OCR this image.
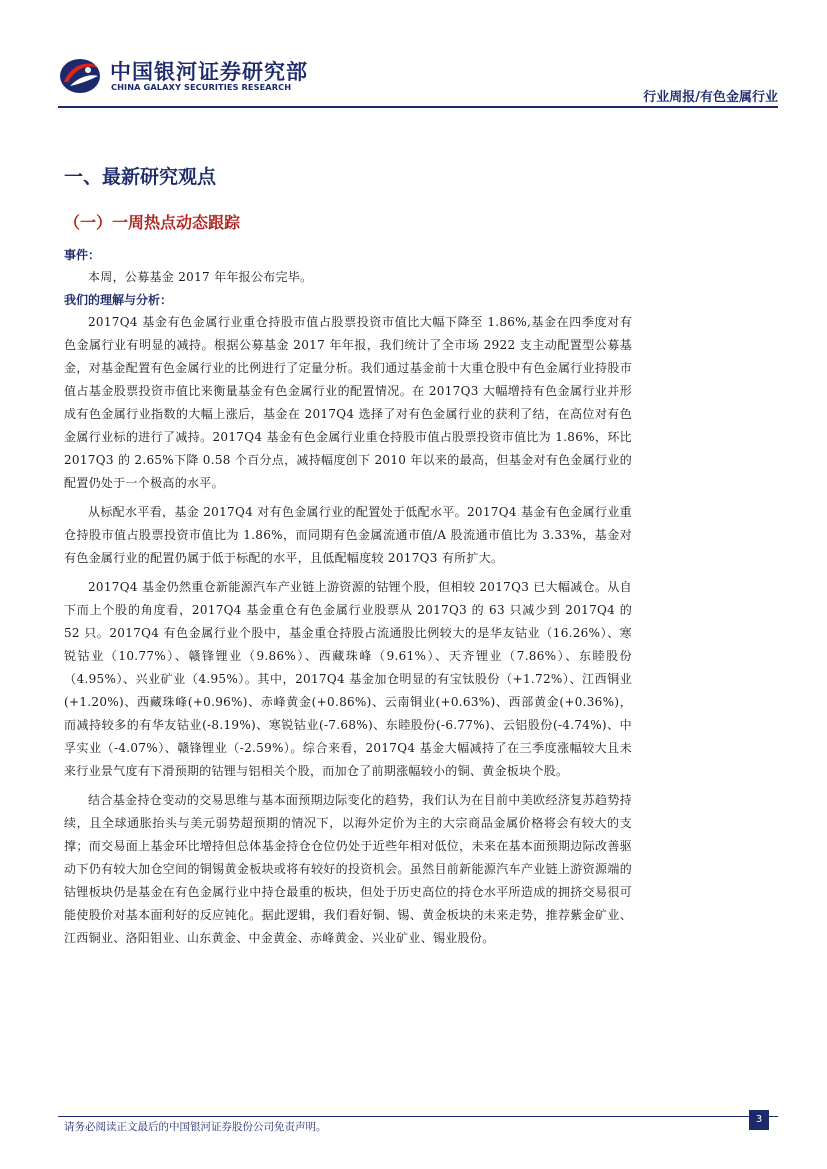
中国银河证券研究部
CHINA GALAXY SECURITIES RESEARCH
行业周报/有色金属行业
一、最新研究观点
（一）一周热点动态跟踪

事件：

本周，公募基金 2017 年年报公布完毕。

我们的理解与分析：

2017Q4 基金有色金属行业重仓持股市值占股票投资市值比大幅下降至 1.86%,基金在四季度对有色金属行业有明显的减持。根据公募基金 2017 年年报，我们统计了全市场 2922 支主动配置型公募基金，对基金配置有色金属行业的比例进行了定量分析。我们通过基金前十大重仓股中有色金属行业持股市值占基金股票投资市值比来衡量基金有色金属行业的配置情况。在 2017Q3 大幅增持有色金属行业并形成有色金属行业指数的大幅上涨后，基金在 2017Q4 选择了对有色金属行业的获利了结，在高位对有色金属行业标的进行了减持。2017Q4 基金有色金属行业重仓持股市值占股票投资市值比为 1.86%，环比 2017Q3 的 2.65%下降 0.58 个百分点，减持幅度创下 2010 年以来的最高，但基金对有色金属行业的配置仍处于一个极高的水平。

从标配水平看，基金 2017Q4 对有色金属行业的配置处于低配水平。2017Q4 基金有色金属行业重仓持股市值占股票投资市值比为 1.86%，而同期有色金属流通市值/A 股流通市值比为 3.33%，基金对有色金属行业的配置仍属于低于标配的水平，且低配幅度较 2017Q3 有所扩大。

2017Q4 基金仍然重仓新能源汽车产业链上游资源的钴锂个股，但相较 2017Q3 已大幅减仓。从自下而上个股的角度看，2017Q4 基金重仓有色金属行业股票从 2017Q3 的 63 只减少到 2017Q4 的 52 只。2017Q4 有色金属行业个股中，基金重仓持股占流通股比例较大的是华友钴业（16.26%）、寒锐钴业（10.77%）、赣锋锂业（9.86%）、西藏珠峰（9.61%）、天齐锂业（7.86%）、东睦股份（4.95%）、兴业矿业（4.95%）。其中，2017Q4 基金加仓明显的有宝钛股份（+1.72%）、江西铜业(+1.20%)、西藏珠峰(+0.96%)、赤峰黄金(+0.86%)、云南铜业(+0.63%)、西部黄金(+0.36%)，而减持较多的有华友钴业(-8.19%)、寒锐钴业(-7.68%)、东睦股份(-6.77%)、云铝股份(-4.74%)、中孚实业（-4.07%）、赣锋锂业（-2.59%）。综合来看，2017Q4 基金大幅减持了在三季度涨幅较大且未来行业景气度有下滑预期的钴锂与铝相关个股，而加仓了前期涨幅较小的铜、黄金板块个股。

结合基金持仓变动的交易思维与基本面预期边际变化的趋势，我们认为在目前中美欧经济复苏趋势持续，且全球通胀抬头与美元弱势超预期的情况下，以海外定价为主的大宗商品金属价格将会有较大的支撑；而交易面上基金环比增持但总体基金持仓仓位仍处于近些年相对低位，未来在基本面预期边际改善驱动下仍有较大加仓空间的铜锡黄金板块或将有较好的投资机会。虽然目前新能源汽车产业链上游资源端的钴锂板块仍是基金在有色金属行业中持仓最重的板块，但处于历史高位的持仓水平所造成的拥挤交易很可能使股价对基本面利好的反应钝化。据此逻辑，我们看好铜、锡、黄金板块的未来走势，推荐紫金矿业、江西铜业、洛阳钼业、山东黄金、中金黄金、赤峰黄金、兴业矿业、锡业股份。

请务必阅读正文最后的中国银河证券股份公司免责声明。
3
